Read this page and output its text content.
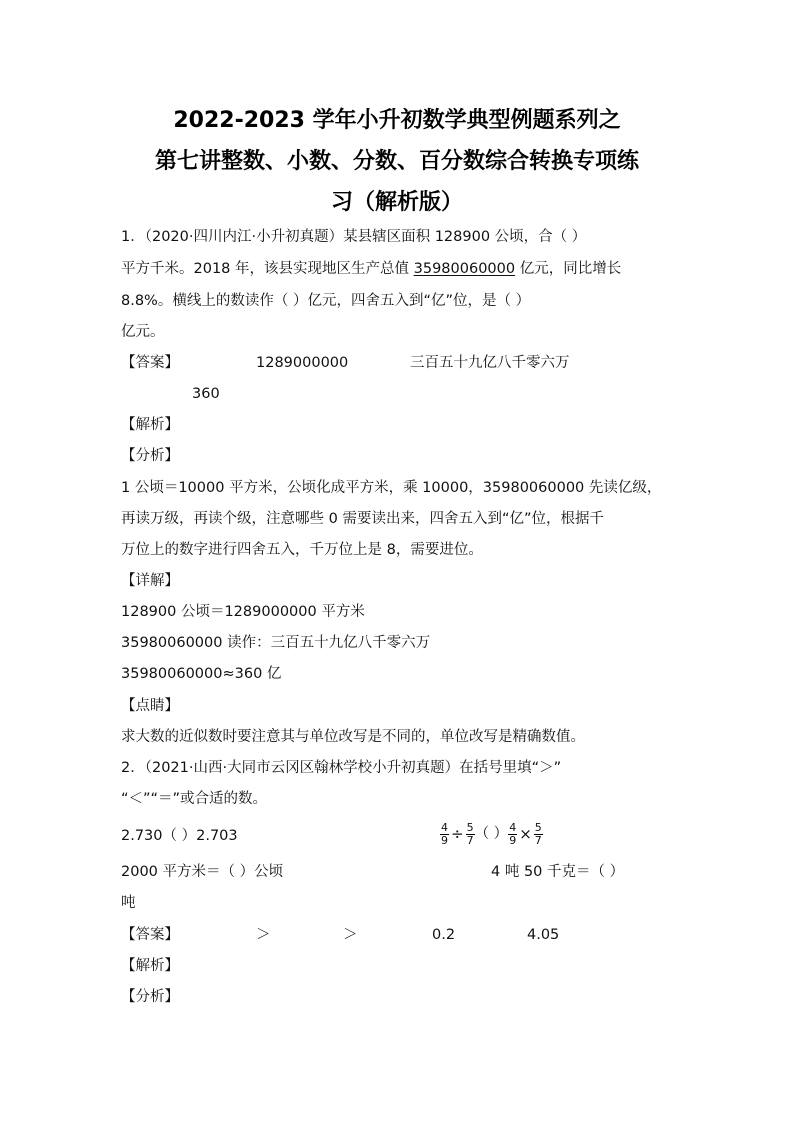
2022-2023 学年小升初数学典型例题系列之
第七讲整数、小数、分数、百分数综合转换专项练
习（解析版）
1．（2020·四川内江·小升初真题）某县辖区面积 128900 公顷，合（ ）
平方千米。2018 年，该县实现地区生产总值 35980060000 亿元，同比增长
8.8%。横线上的数读作（ ）亿元，四舍五入到“亿”位，是（ ）
亿元。
【答案】	1289000000	三百五十九亿八千零六万
360
【解析】
【分析】
1 公顷＝10000 平方米，公顷化成平方米，乘 10000，35980060000 先读亿级，
再读万级，再读个级，注意哪些 0 需要读出来，四舍五入到“亿”位，根据千
万位上的数字进行四舍五入，千万位上是 8，需要进位。
【详解】
128900 公顷＝1289000000 平方米
35980060000 读作：三百五十九亿八千零六万
35980060000≈360 亿
【点睛】
求大数的近似数时要注意其与单位改写是不同的，单位改写是精确数值。
2．（2021·山西·大同市云冈区翰林学校小升初真题）在括号里填“＞”
“＜”“＝”或合适的数。
2.730（ ）2.703	$\frac{4}{9} \div \frac{5}{7}$ （ ） $\frac{4}{9} \times \frac{5}{7}$
2000 平方米＝（ ）公顷	4 吨 50 千克＝（ ）
吨
【答案】	＞	＞	0.2	4.05
【解析】
【分析】
